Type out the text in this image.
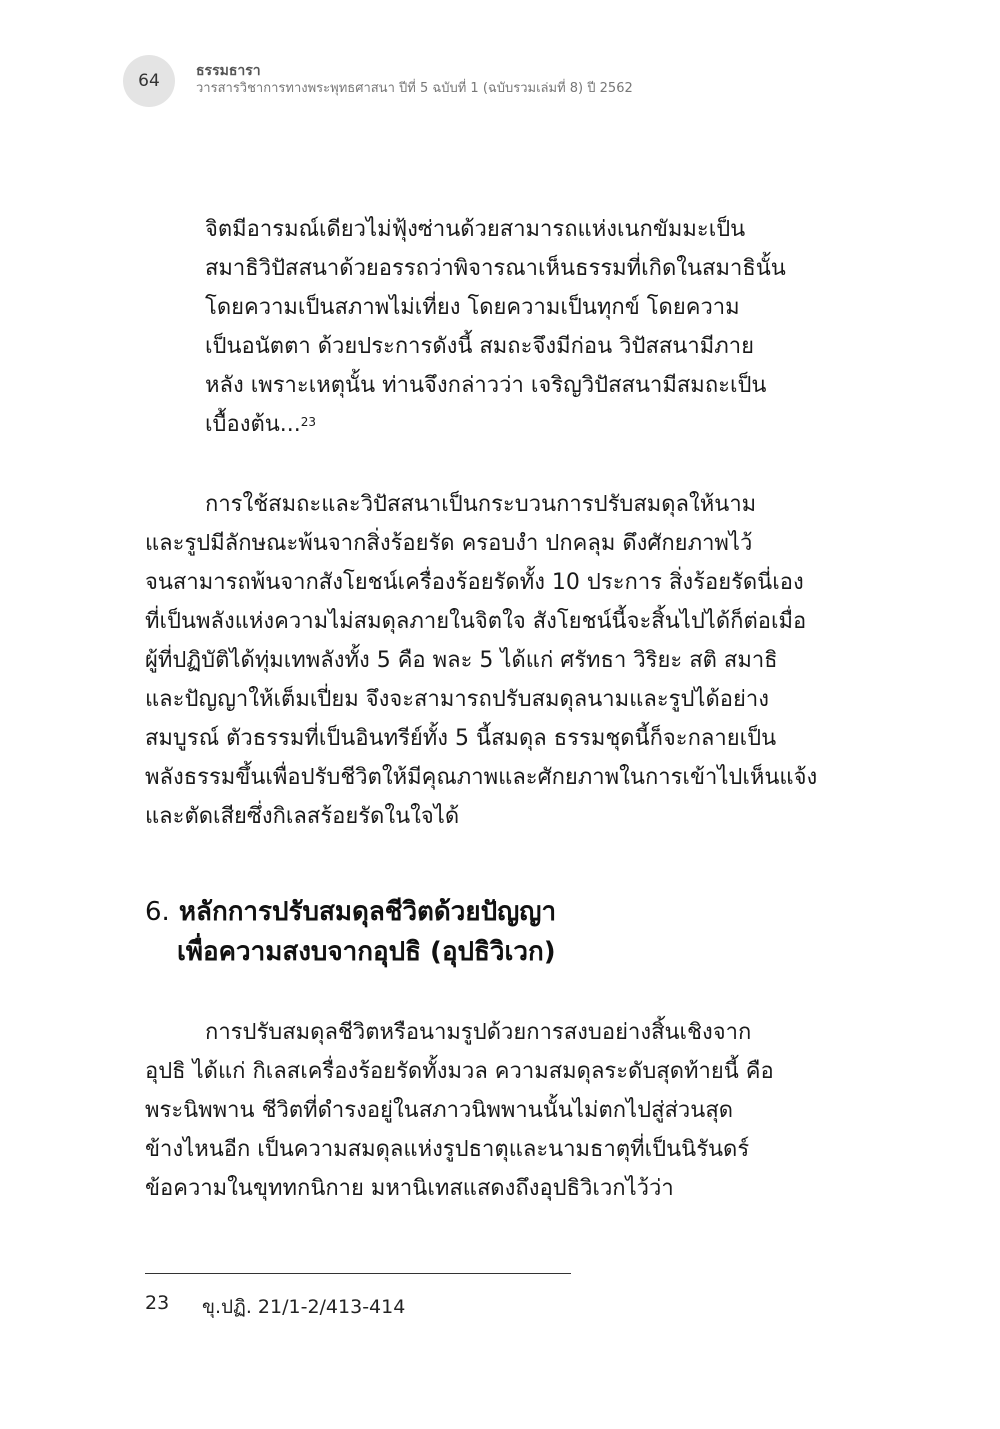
64	ธรรมธารา
วารสารวิชาการทางพระพุทธศาสนา ปีที่ 5 ฉบับที่ 1 (ฉบับรวมเล่มที่ 8) ปี 2562
จิตมีอารมณ์เดียวไม่ฟุ้งซ่านด้วยสามารถแห่งเนกขัมมะเป็น
สมาธิวิปัสสนาด้วยอรรถว่าพิจารณาเห็นธรรมที่เกิดในสมาธินั้น
โดยความเป็นสภาพไม่เที่ยง โดยความเป็นทุกข์ โดยความ
เป็นอนัตตา ด้วยประการดังนี้ สมถะจึงมีก่อน วิปัสสนามีภาย
หลัง เพราะเหตุนั้น ท่านจึงกล่าวว่า เจริญวิปัสสนามีสมถะเป็น
เบื้องต้น...$^{23}$
การใช้สมถะและวิปัสสนาเป็นกระบวนการปรับสมดุลให้นาม
และรูปมีลักษณะพ้นจากสิ่งร้อยรัด ครอบงำ ปกคลุม ดึงศักยภาพไว้
จนสามารถพ้นจากสังโยชน์เครื่องร้อยรัดทั้ง 10 ประการ สิ่งร้อยรัดนี่เอง
ที่เป็นพลังแห่งความไม่สมดุลภายในจิตใจ สังโยชน์นี้จะสิ้นไปได้ก็ต่อเมื่อ
ผู้ที่ปฏิบัติได้ทุ่มเทพลังทั้ง 5 คือ พละ 5 ได้แก่ ศรัทธา วิริยะ สติ สมาธิ
และปัญญาให้เต็มเปี่ยม จึงจะสามารถปรับสมดุลนามและรูปได้อย่าง
สมบูรณ์ ตัวธรรมที่เป็นอินทรีย์ทั้ง 5 นี้สมดุล ธรรมชุดนี้ก็จะกลายเป็น
พลังธรรมขึ้นเพื่อปรับชีวิตให้มีคุณภาพและศักยภาพในการเข้าไปเห็นแจ้ง
และตัดเสียซึ่งกิเลสร้อยรัดในใจได้
6. หลักการปรับสมดุลชีวิตด้วยปัญญา
เพื่อความสงบจากอุปธิ (อุปธิวิเวก)
การปรับสมดุลชีวิตหรือนามรูปด้วยการสงบอย่างสิ้นเชิงจาก
อุปธิ ได้แก่ กิเลสเครื่องร้อยรัดทั้งมวล ความสมดุลระดับสุดท้ายนี้ คือ
พระนิพพาน ชีวิตที่ดำรงอยู่ในสภาวนิพพานนั้นไม่ตกไปสู่ส่วนสุด
ข้างไหนอีก เป็นความสมดุลแห่งรูปธาตุและนามธาตุที่เป็นนิรันดร์
ข้อความในขุททกนิกาย มหานิเทสแสดงถึงอุปธิวิเวกไว้ว่า
23	ขุ.ปฏิ. 21/1-2/413-414
